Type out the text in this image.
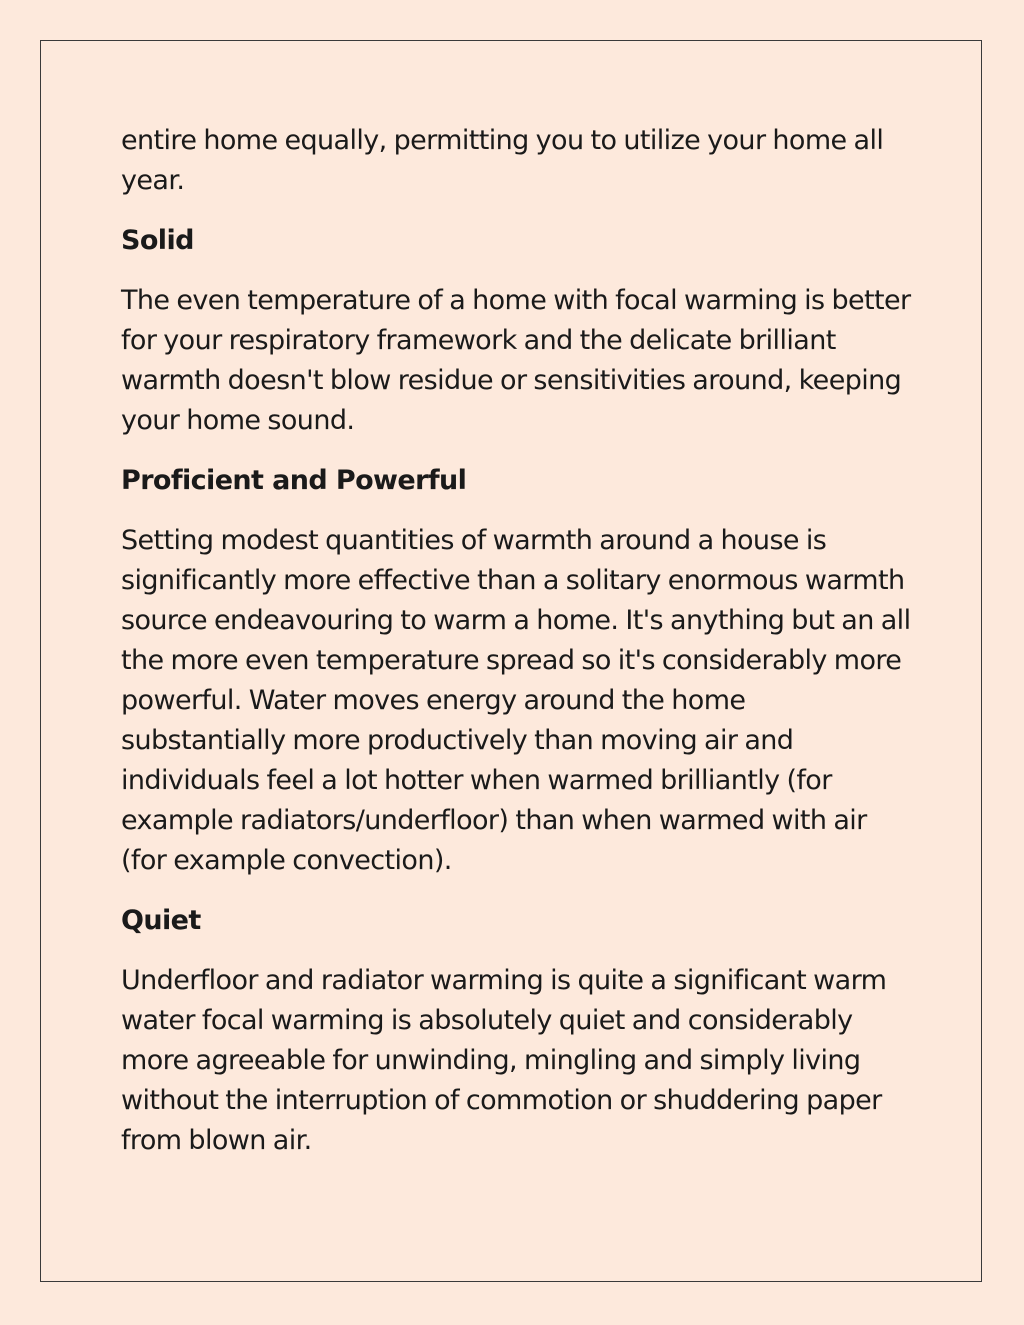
entire home equally, permitting you to utilize your home all year.

Solid

The even temperature of a home with focal warming is better for your respiratory framework and the delicate brilliant warmth doesn't blow residue or sensitivities around, keeping your home sound.

Proficient and Powerful

Setting modest quantities of warmth around a house is significantly more effective than a solitary enormous warmth source endeavouring to warm a home. It's anything but an all the more even temperature spread so it's considerably more powerful. Water moves energy around the home substantially more productively than moving air and individuals feel a lot hotter when warmed brilliantly (for example radiators/underfloor) than when warmed with air (for example convection).

Quiet

Underfloor and radiator warming is quite a significant warm water focal warming is absolutely quiet and considerably more agreeable for unwinding, mingling and simply living without the interruption of commotion or shuddering paper from blown air.
